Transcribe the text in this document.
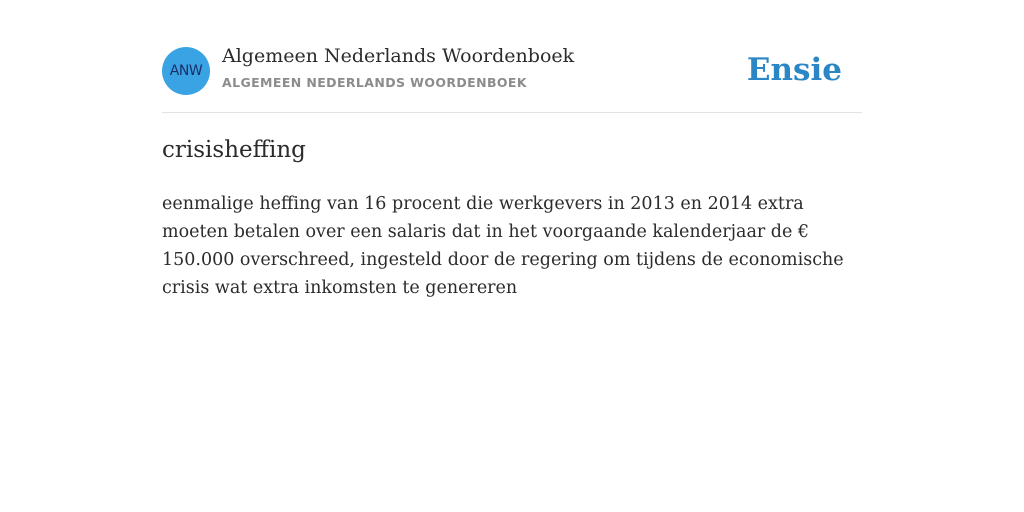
ANW
Algemeen Nederlands Woordenboek
ALGEMEEN NEDERLANDS WOORDENBOEK	Ensie
crisisheffing

eenmalige heffing van 16 procent die werkgevers in 2013 en 2014 extra moeten betalen over een salaris dat in het voorgaande kalenderjaar de € 150.000 overschreed, ingesteld door de regering om tijdens de economische crisis wat extra inkomsten te genereren
